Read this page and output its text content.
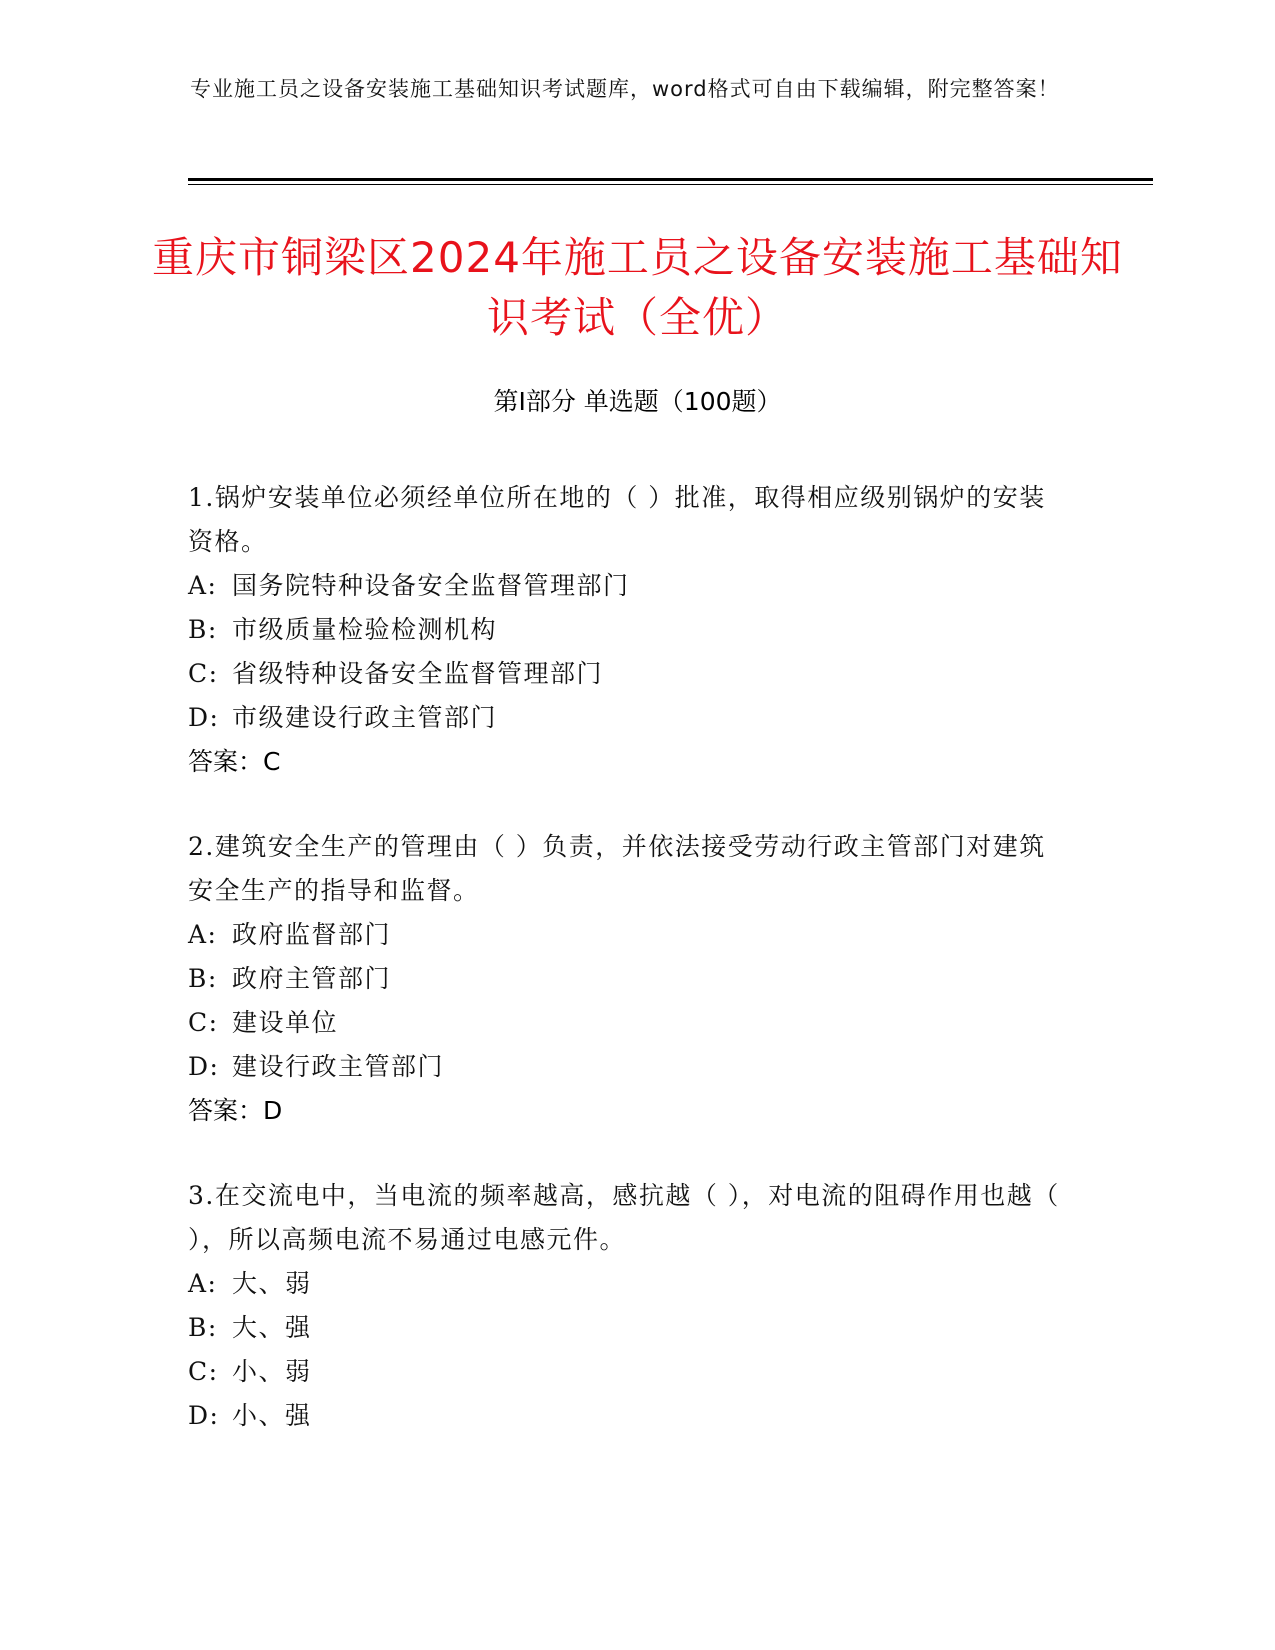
专业施工员之设备安装施工基础知识考试题库，word格式可自由下载编辑，附完整答案！
重庆市铜梁区2024年施工员之设备安装施工基础知识考试（全优）
第Ⅰ部分 单选题（100题）
1.锅炉安装单位必须经单位所在地的（ ）批准，取得相应级别锅炉的安装资格。
A: 国务院特种设备安全监督管理部门
B: 市级质量检验检测机构
C: 省级特种设备安全监督管理部门
D: 市级建设行政主管部门
答案：C
2.建筑安全生产的管理由（ ）负责，并依法接受劳动行政主管部门对建筑安全生产的指导和监督。
A: 政府监督部门
B: 政府主管部门
C: 建设单位
D: 建设行政主管部门
答案：D
3.在交流电中，当电流的频率越高，感抗越（ ），对电流的阻碍作用也越（ ），所以高频电流不易通过电感元件。
A: 大、弱
B: 大、强
C: 小、弱
D: 小、强
